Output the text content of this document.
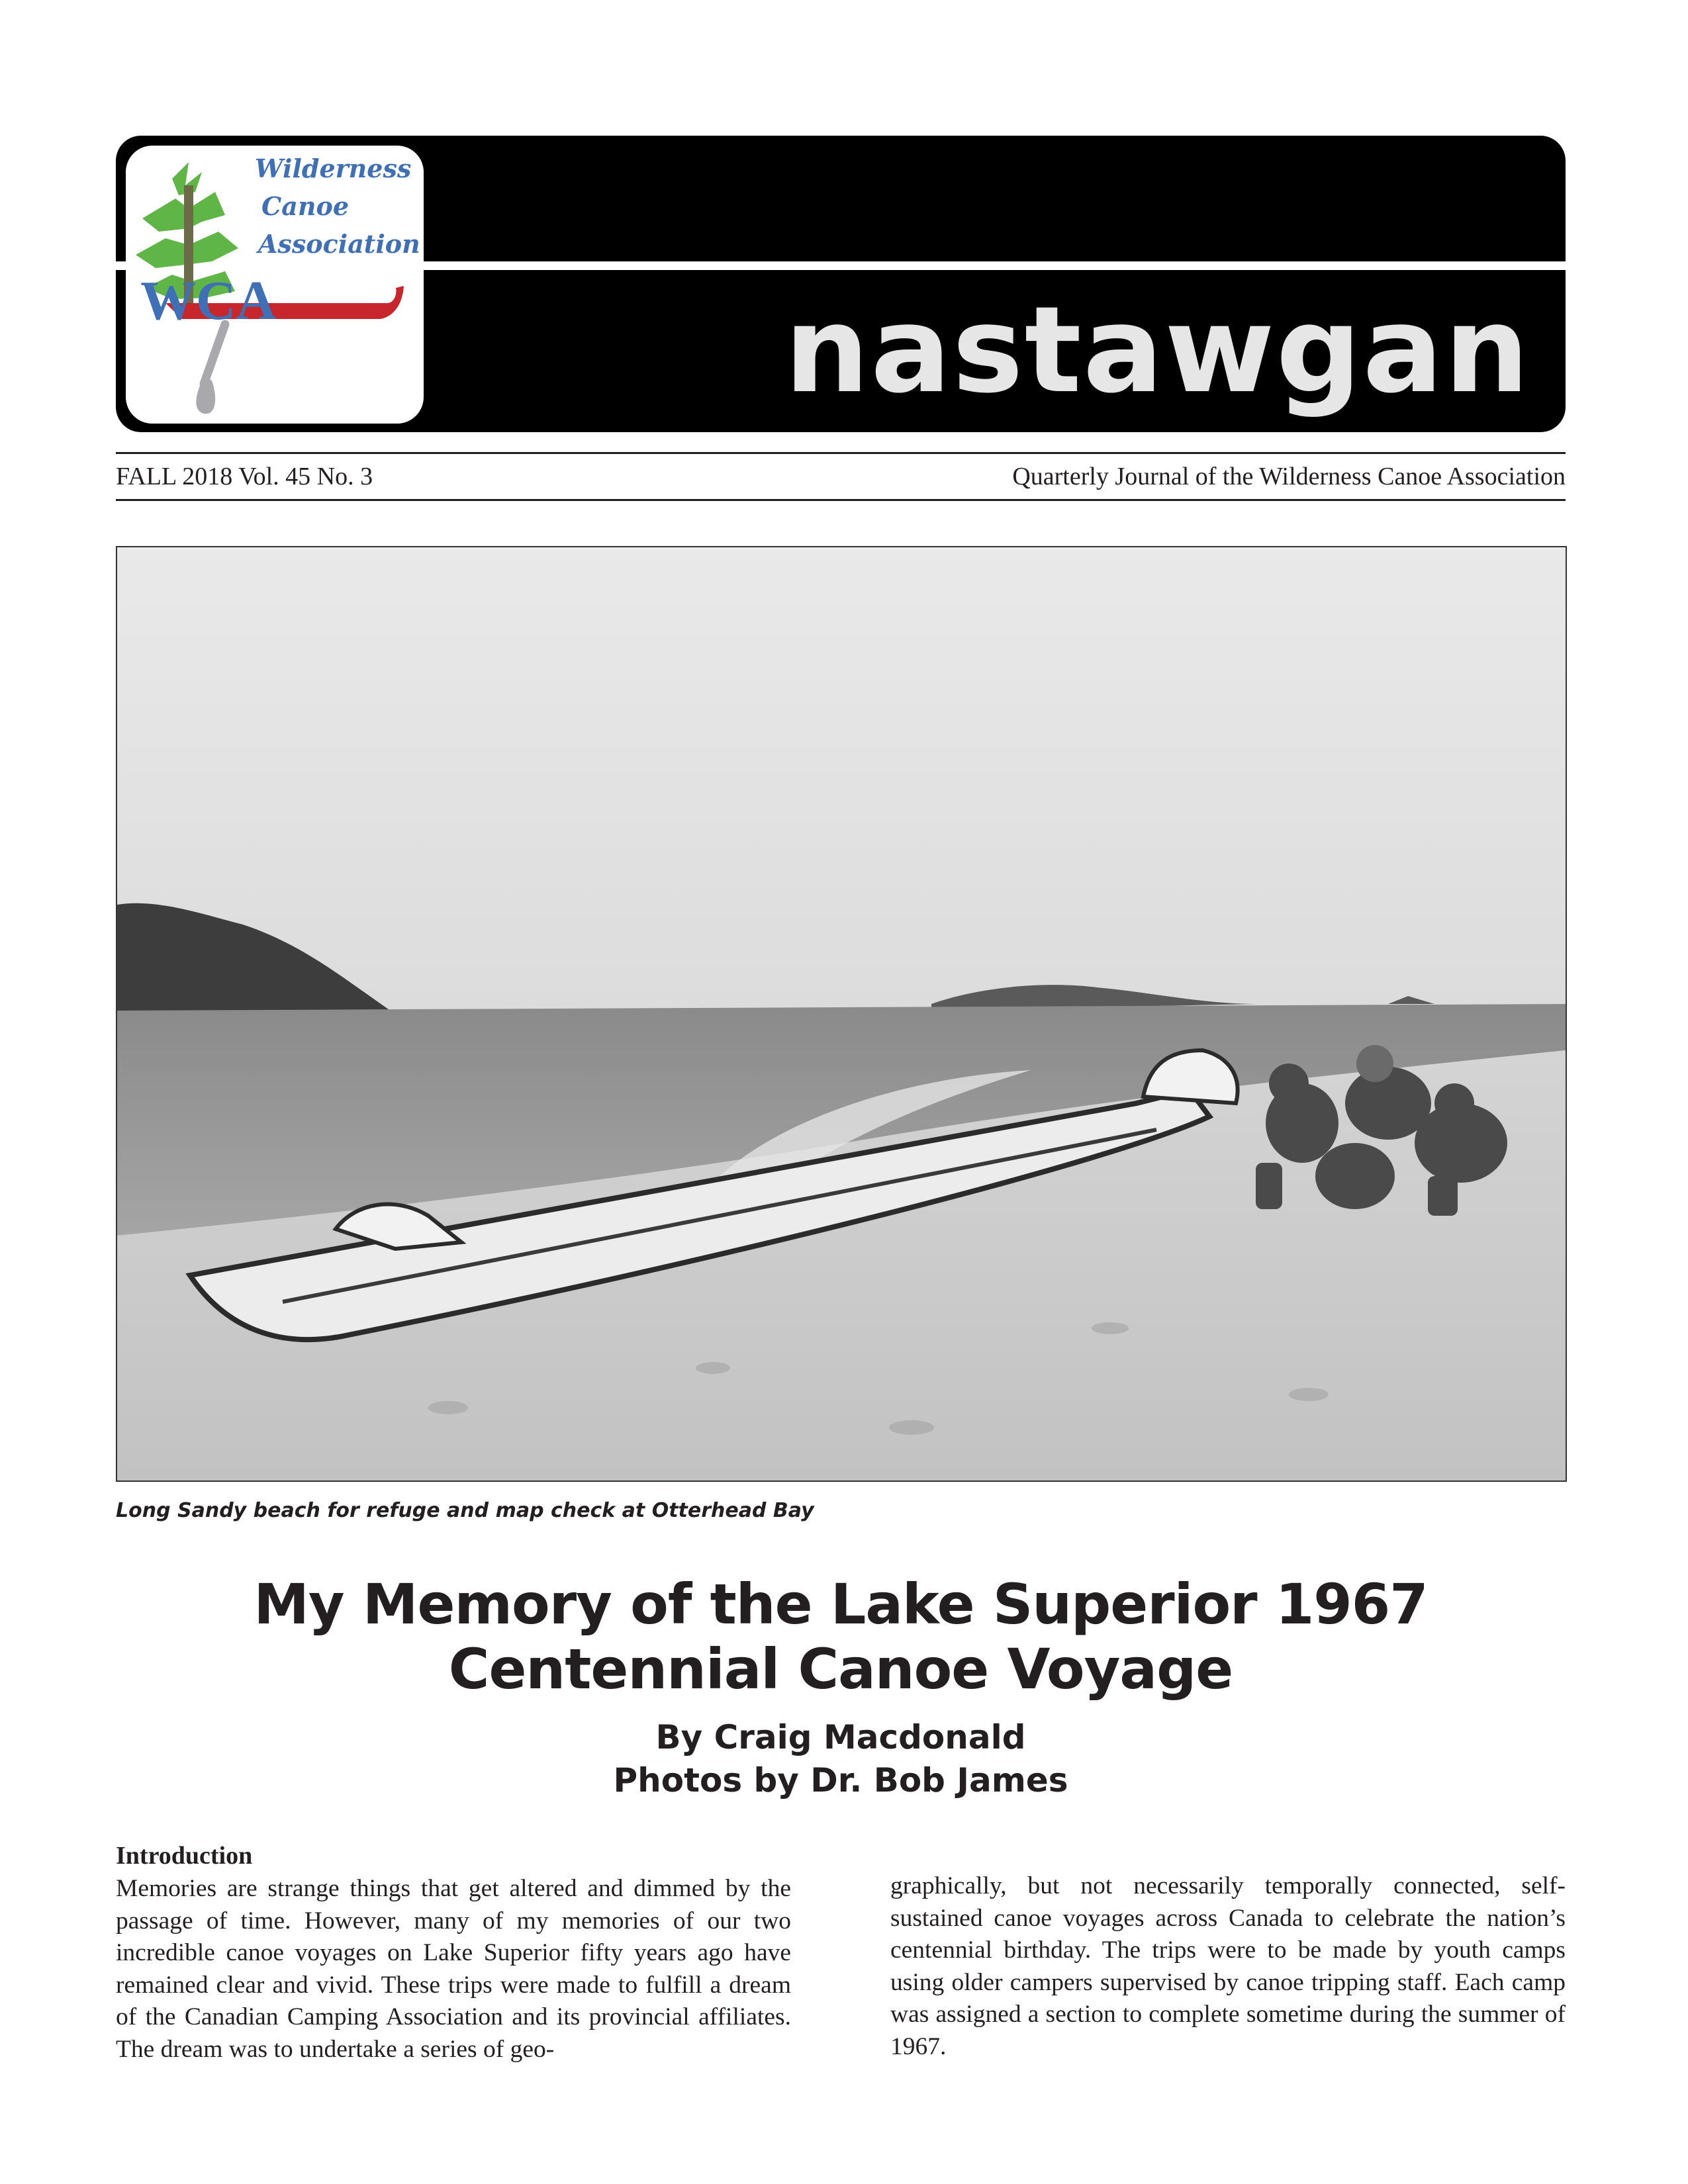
Wilderness
Canoe
Association
WCA	nastawgan
FALL 2018 Vol. 45 No. 3	Quarterly Journal of the Wilderness Canoe Association
Long Sandy beach for refuge and map check at Otterhead Bay
My Memory of the Lake Superior 1967
Centennial Canoe Voyage
By Craig Macdonald
Photos by Dr. Bob James
Introduction
Memories are strange things that get altered and dimmed by the passage of time. However, many of my memories of our two incredible canoe voyages on Lake Superior fifty years ago have remained clear and vivid. These trips were made to fulfill a dream of the Canadian Camping Association and its provincial affiliates. The dream was to undertake a series of geo-
graphically, but not necessarily temporally connected, self-sustained canoe voyages across Canada to celebrate the nation’s centennial birthday. The trips were to be made by youth camps using older campers supervised by canoe tripping staff. Each camp was assigned a section to complete sometime during the summer of 1967.
